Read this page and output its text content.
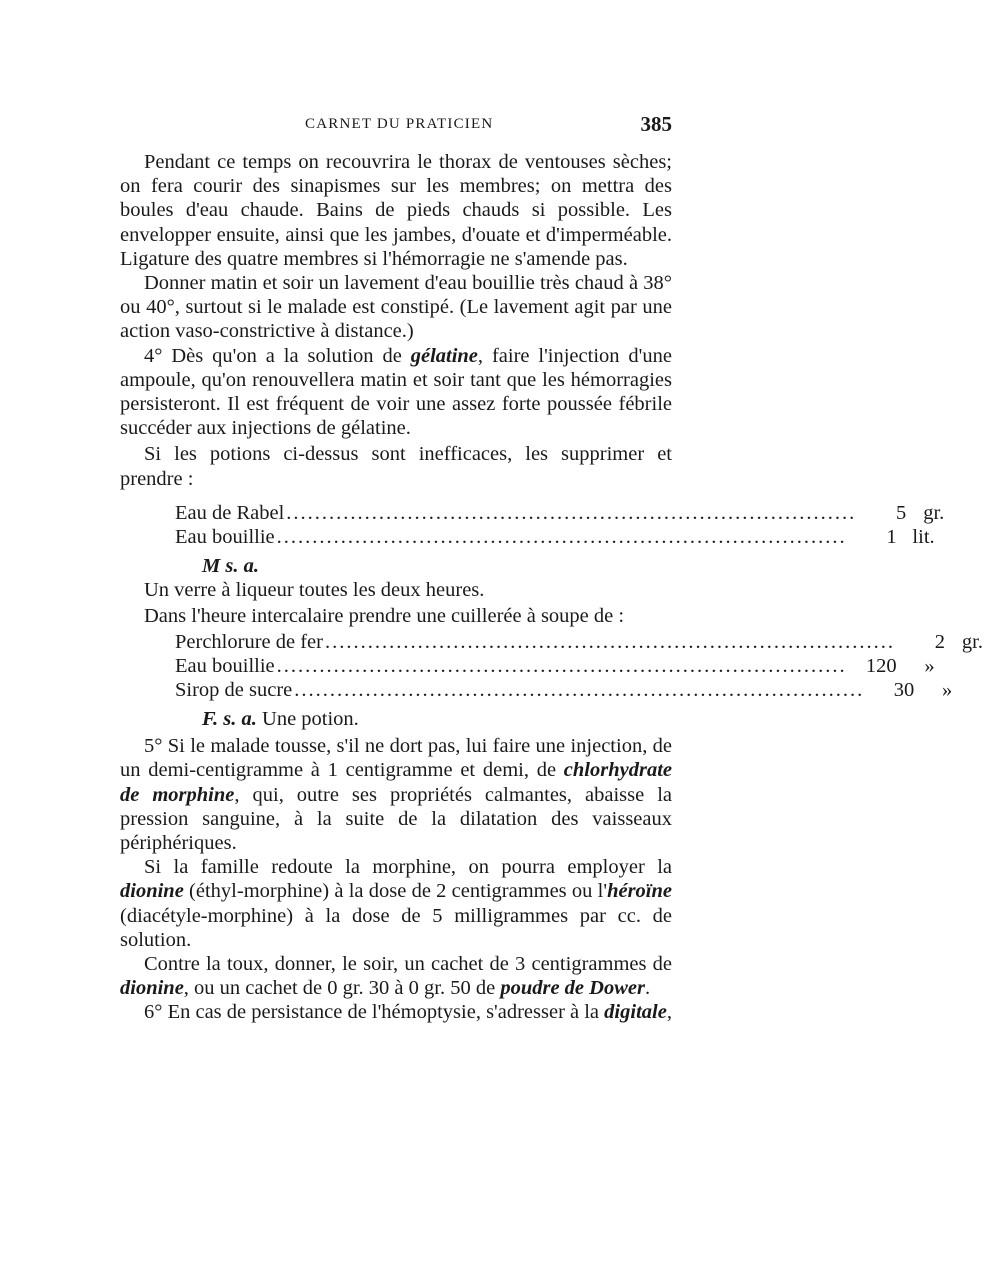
CARNET DU PRATICIEN	385

Pendant ce temps on recouvrira le thorax de ventouses sèches; on fera courir des sinapismes sur les membres; on mettra des boules d'eau chaude. Bains de pieds chauds si possible. Les envelopper ensuite, ainsi que les jambes, d'ouate et d'imperméable. Ligature des quatre membres si l'hémorragie ne s'amende pas.

Donner matin et soir un lavement d'eau bouillie très chaud à 38° ou 40°, surtout si le malade est constipé. (Le lavement agit par une action vaso-constrictive à distance.)

4° Dès qu'on a la solution de gélatine, faire l'injection d'une ampoule, qu'on renouvellera matin et soir tant que les hémorragies persisteront. Il est fréquent de voir une assez forte poussée fébrile succéder aux injections de gélatine.

Si les potions ci-dessus sont inefficaces, les supprimer et prendre :

Eau de Rabel ................................................................................	5 gr.
Eau bouillie ................................................................................	1 lit.
M s. a.

Un verre à liqueur toutes les deux heures.

Dans l'heure intercalaire prendre une cuillerée à soupe de :

Perchlorure de fer ................................................................................	2 gr.
Eau bouillie ................................................................................ 120	»
Sirop de sucre ................................................................................	30	»
F. s. a. Une potion.

5° Si le malade tousse, s'il ne dort pas, lui faire une injection, de un demi-centigramme à 1 centigramme et demi, de chlorhydrate de morphine, qui, outre ses propriétés calmantes, abaisse la pression sanguine, à la suite de la dilatation des vaisseaux périphériques.

Si la famille redoute la morphine, on pourra employer la dionine (éthyl-morphine) à la dose de 2 centigrammes ou l'héroïne (diacétyle-morphine) à la dose de 5 milligrammes par cc. de solution.

Contre la toux, donner, le soir, un cachet de 3 centigrammes de dionine, ou un cachet de 0 gr. 30 à 0 gr. 50 de poudre de Dower.

6° En cas de persistance de l'hémoptysie, s'adresser à la digitale,
